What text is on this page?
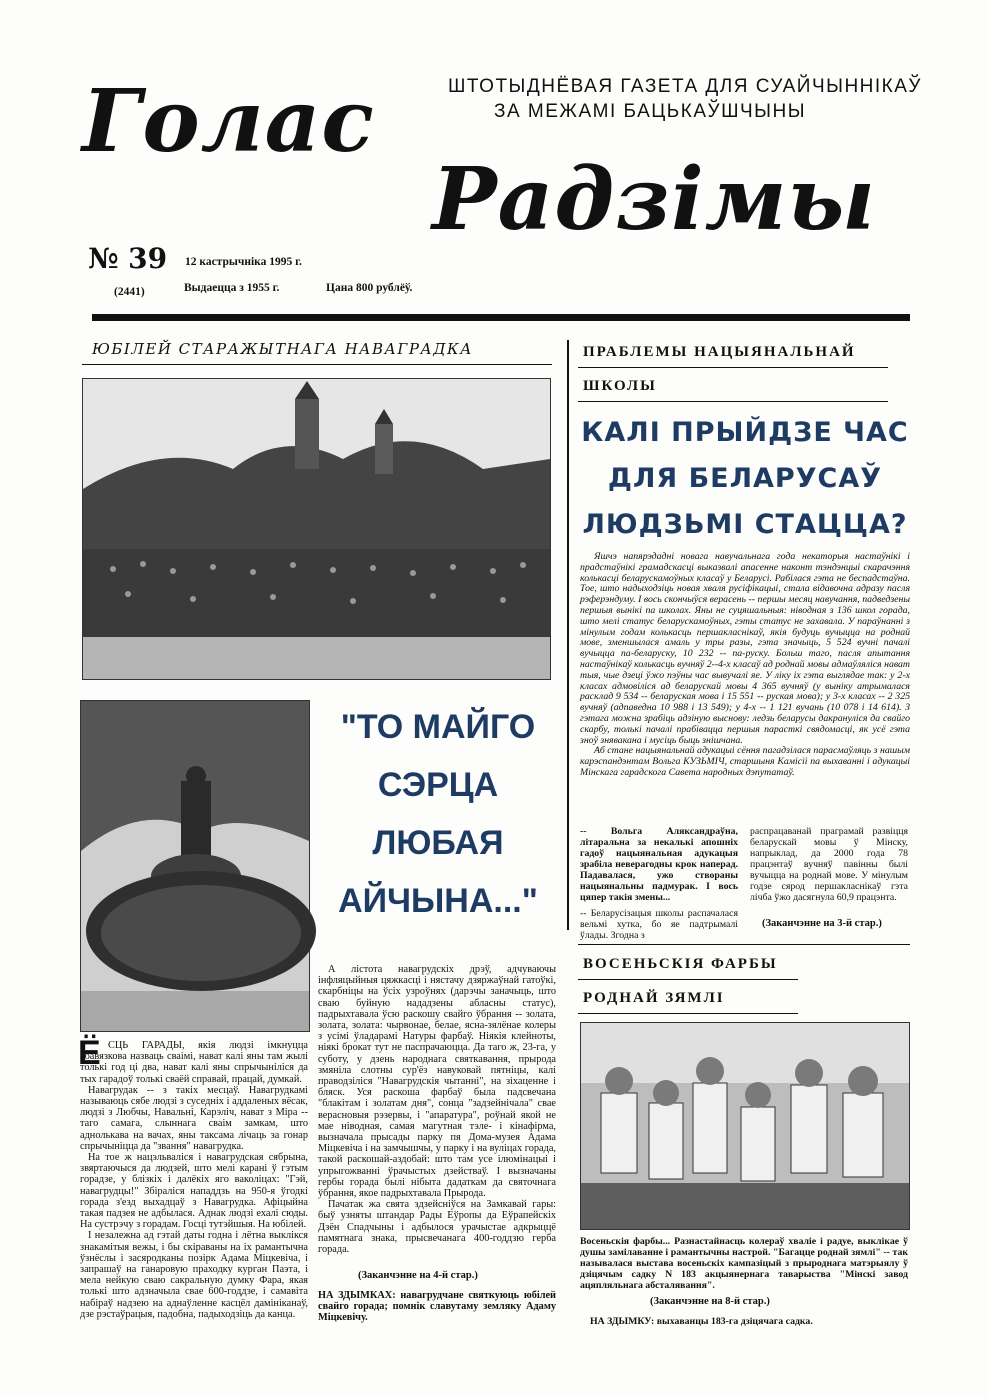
Голас
Радзімы
ШТОТЫДНЁВАЯ ГАЗЕТА ДЛЯ СУАЙЧЫННІКАЎ
ЗА МЕЖАМІ БАЦЬКАЎШЧЫНЫ
№ 39 12 кастрычніка 1995 г.
(2441)	Выдаецца з 1955 г.	Цана 800 рублёў.
ЮБІЛЕЙ СТАРАЖЫТНАГА НАВАГРАДКА
"ТО МАЙГО
СЭРЦА
ЛЮБАЯ
АЙЧЫНА..."
Ё СЦЬ ГАРАДЫ, якія людзі імкнуцца абавязкова назваць сваімі, нават калі яны там жылі толькі год ці два, нават калі яны спрычыніліся да тых гарадоў толькі сваёй справай, працай, думкай.

Навагрудак -- з такіх месцаў. Навагрудкамі называюць сябе людзі з суседніх і аддаленых вёсак, людзі з Любчы, Навальні, Карэліч, нават з Міра -- таго самага, слыннага сваім замкам, што аднолькава на вачах, яны таксама лічаць за гонар спрычыніцца да "звання" навагрудка.

На тое ж нацэльваліся і навагрудская сябрына, звяртаючыся да людзей, што мелі карані ў гэтым горадзе, у блізкіх і далёкіх яго ваколіцах: "Гэй, навагрудцы!" Збіраліся нападдзь на 950-я ўгодкі горада з'езд выхадцаў з Навагрудка. Афіцыйна такая падзея не адбылася. Аднак людзі ехалі сюды. На сустрэчу з горадам. Госці тутэйшыя. На юбілей.

І незалежна ад гэтай даты годна і лётна выклікся знакамітыя вежы, і бы скіраваны на іх рамантычна ўзнёслы і засяродканы позірк Адама Міцкевіча, і запрашаў на ганаровую праходку курган Паэта, і мела нейкую сваю сакральную думку Фара, якая толькі што адзначыла свае 600-годдзе, і самавіта набіраў надзею на аднаўленне касцёл дамініканаў, дзе рэстаўрацыя, падобна, падыходзіць да канца.

А лістота навагрудскіх дрэў, адчуваючы інфляцыйныя цяжкасці і нястачу дзяржаўнай гатоўкі, скарбніцы на ўсіх узроўнях (дарэчы заначыць, што сваю буйную нададзены абласны статус), падрыхтавала ўсю раскошу свайго ўбрання -- золата, золата, золата: чырвонае, белае, ясна-зялёнае колеры з усімі ўладарамі Натуры фарбаў. Ніякія клейноты, ніякі брокат тут не паспрачаюцца. Да таго ж, 23-га, у суботу, у дзень народнага святкавання, прырода змяніла слотны сур'ёз навуковай пятніцы, калі праводзіліся "Навагрудскія чытанні", на зіхаценне і бляск. Уся раскоша фарбаў была падсвечана "блакітам і золатам дня", сонца "задзейнічала" свае верасновыя рэзервы, і "апаратура", роўнай якой не мае ніводная, самая магутная тэле- і кінафірма, вызначала прысады парку пя Дома-музея Адама Міцкевіча і на замчышчы, у парку і на вуліцах горада, такой раскошай-аздобай: што там усе ілюмінацыі і упрыгожванні ўрачыстых дзействаў. І вызначаны гербы горада былі нібыта дадаткам да святочнага ўбрання, якое падрыхтавала Прырода.

Пачатак жа свята здзейсніўся на Замкавай гары: быў узняты штандар Рады Еўропы да Еўрапейскіх Дзён Спадчыны і адбылося урачыстае адкрыццё памятнага знака, прысвечанага 400-годдзю герба горада.

(Заканчэнне на 4-й стар.)
НА ЗДЫМКАХ: навагрудчане святкуюць юбілей свайго горада; помнік славутаму земляку Адаму Міцкевічу.
ПРАБЛЕМЫ НАЦЫЯНАЛЬНАЙ
ШКОЛЫ
КАЛІ ПРЫЙДЗЕ ЧАС
ДЛЯ БЕЛАРУСАЎ
ЛЮДЗЬМІ СТАЦЦА?

Яшчэ напярэдадні новага навучальнага года некаторыя настаўнікі і прадстаўнікі грамадскасці выказвалі апасенне наконт тэндэнцыі скарачэння колькасці беларускамоўных класаў у Беларусі. Рабілася гэта не беспадстаўна. Тое, што надыходзіць новая хваля русіфікацыі, стала відавочна адразу пасля рэферэндуму. І вось скончыўся верасень -- першы месяц навучання, падведзены першыя вынікі па школах. Яны не суцяшальныя: ніводная з 136 школ горада, што мелі статус беларускамоўных, гэты статус не захавала. У параўнанні з мінулым годам колькасць першакласнікаў, якія будуць вучыцца на роднай мове, зменшылася амаль у тры разы, гэта значыць, 5 524 вучні пачалі вучыцца па-беларуску, 10 232 -- па-руску. Больш таго, пасля апытання настаўнікаў колькасць вучняў 2--4-х класаў ад роднай мовы адмаўляліся нават тыя, чые дзеці ўжо пэўны час вывучалі яе. У ліку іх гэта выглядае так: у 2-х класах адмовіліся ад беларускай мовы 4 365 вучняў (у выніку атрымалася расклад 9 534 -- беларуская мова і 15 551 -- руская мова); у 3-х класах -- 2 325 вучняў (адпаведна 10 988 і 13 549); у 4-х -- 1 121 вучань (10 078 і 14 614). З гэтага можна зрабіць адзіную выснову: ледзь беларусы дакрануліся да свайго скарбу, толькі пачалі прабівацца першыя парасткі свядомасці, як усё гэта зноў знявакана і мусіць быць знішчана.

Аб стане нацыянальнай адукацыі сёння пагадзілася парасмаўляць з нашым карэспандэнтам Вольга КУЗЬМІЧ, старшыня Камісіі па выхаванні і адукацыі Мінскага гарадскога Савета народных дэпутатаў.

-- Вольга Аляксандраўна, літаральна за некалькі апошніх гадоў нацыянальная адукацыя зрабіла неверагодны крок наперад. Падавалася, ужо створаны нацыянальны падмурак. І вось цяпер такія змены...
-- Беларусізацыя школы распачалася вельмі хутка, бо яе падтрымалі ўлады. Згодна з
распрацаванай праграмай развіцця беларускай мовы ў Мінску, напрыклад, да 2000 года 78 працэнтаў вучняў павінны былі вучыцца на роднай мове. У мінулым годзе сярод першакласнікаў гэта лічба ўжо дасягнула 60,9 працэнта.
(Заканчэнне на 3-й стар.)
ВОСЕНЬСКІЯ ФАРБЫ
РОДНАЙ ЗЯМЛІ
Восеньскія фарбы... Разнастайнасць колераў хваліе і радуе, выклікае ў душы замілаванне і рамантычны настрой. "Багацце роднай зямлі" -- так называлася выстава восеньскіх кампазіцый з прыроднага матэрыялу ў дзіцячым садку N 183 акцыянернага таварыства "Мінскі завод ацяпляльнага абсталявання".
(Заканчэнне на 8-й стар.)
НА ЗДЫМКУ: выхаванцы 183-га дзіцячага садка.
